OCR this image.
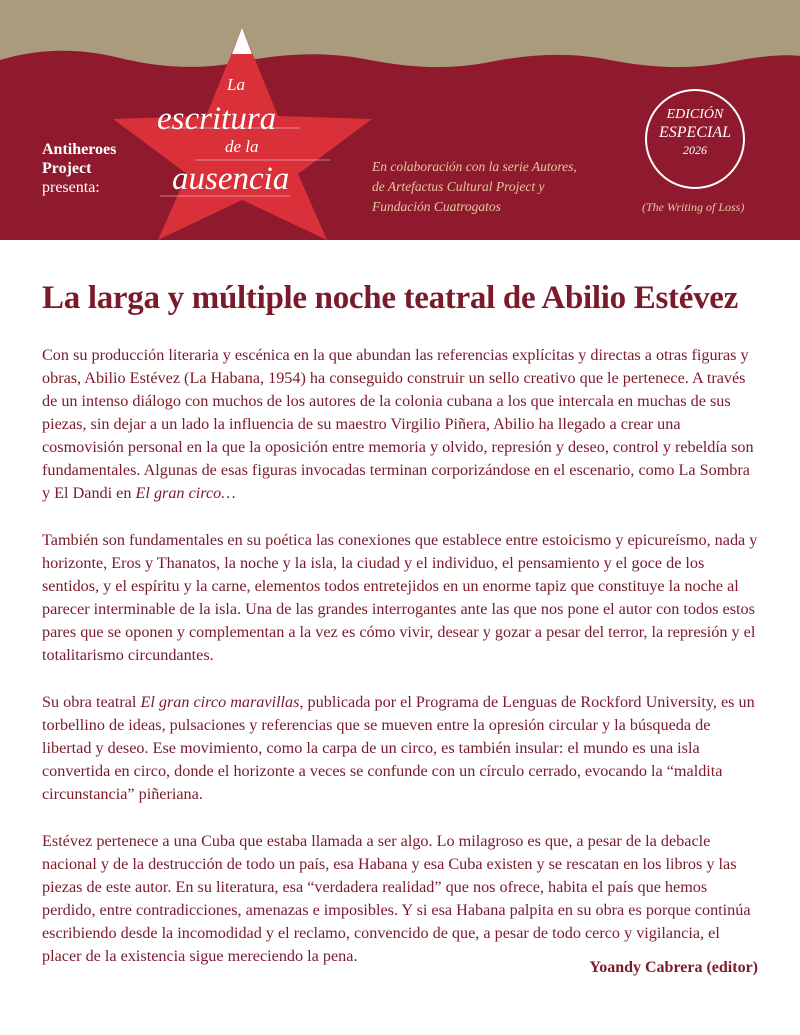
Antiheroes
Project
presenta:
La
escritura
de la
ausencia	En colaboración con la serie Autores,
de Artefactus Cultural Project y
Fundación Cuatrogatos
EDICIÓN
ESPECIAL
2026
(The Writing of Loss)
La larga y múltiple noche teatral de Abilio Estévez

Con su producción literaria y escénica en la que abundan las referencias explícitas y directas a otras figuras y obras, Abilio Estévez (La Habana, 1954) ha conseguido construir un sello creativo que le pertenece. A través de un intenso diálogo con muchos de los autores de la colonia cubana a los que intercala en muchas de sus piezas, sin dejar a un lado la influencia de su maestro Virgilio Piñera, Abilio ha llegado a crear una cosmovisión personal en la que la oposición entre memoria y olvido, represión y deseo, control y rebeldía son fundamentales. Algunas de esas figuras invocadas terminan corporizándose en el escenario, como La Sombra y El Dandi en El gran circo…

También son fundamentales en su poética las conexiones que establece entre estoicismo y epicureísmo, nada y horizonte, Eros y Thanatos, la noche y la isla, la ciudad y el individuo, el pensamiento y el goce de los sentidos, y el espíritu y la carne, elementos todos entretejidos en un enorme tapiz que constituye la noche al parecer interminable de la isla. Una de las grandes interrogantes ante las que nos pone el autor con todos estos pares que se oponen y complementan a la vez es cómo vivir, desear y gozar a pesar del terror, la represión y el totalitarismo circundantes.

Su obra teatral El gran circo maravillas, publicada por el Programa de Lenguas de Rockford University, es un torbellino de ideas, pulsaciones y referencias que se mueven entre la opresión circular y la búsqueda de libertad y deseo. Ese movimiento, como la carpa de un circo, es también insular: el mundo es una isla convertida en circo, donde el horizonte a veces se confunde con un círculo cerrado, evocando la “maldita circunstancia” piñeriana.

Estévez pertenece a una Cuba que estaba llamada a ser algo. Lo milagroso es que, a pesar de la debacle nacional y de la destrucción de todo un país, esa Habana y esa Cuba existen y se rescatan en los libros y las piezas de este autor. En su literatura, esa “verdadera realidad” que nos ofrece, habita el país que hemos perdido, entre contradicciones, amenazas e imposibles. Y si esa Habana palpita en su obra es porque continúa escribiendo desde la incomodidad y el reclamo, convencido de que, a pesar de todo cerco y vigilancia, el placer de la existencia sigue mereciendo la pena.

Yoandy Cabrera (editor)
